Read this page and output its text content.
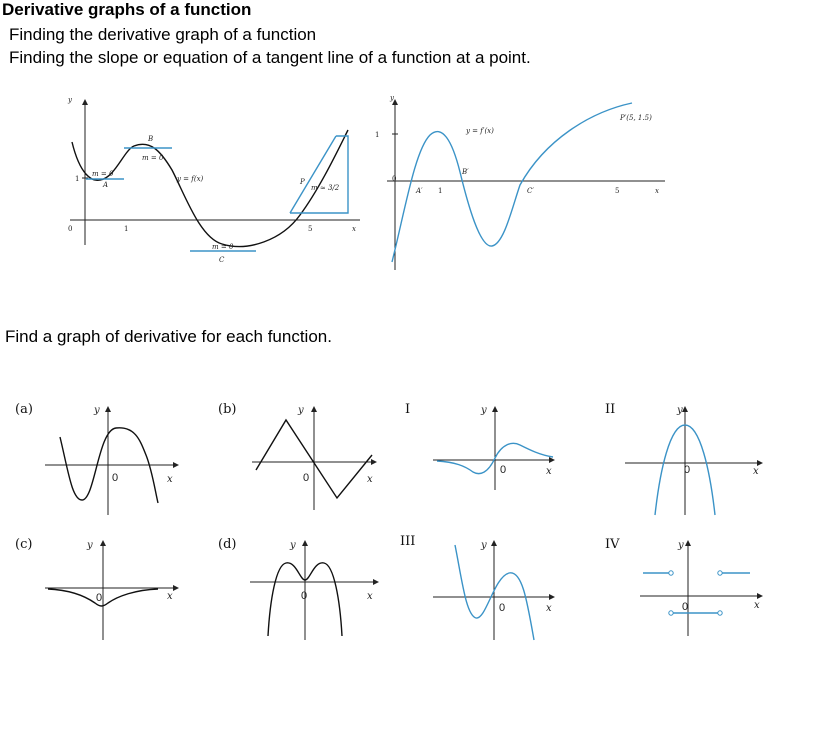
Derivative graphs of a function
Finding the derivative graph of a function
Finding the slope or equation of a tangent line of a function at a point.
Find a graph of derivative for each function.
y
x
0	1	5
1
m = 0
A
B
m = 0
y = f(x)
m = 0
C
P
m ≈ 3/2
y
x
0
1
1	5
y = f′(x)
A′
B′
C′
P′(5, 1.5)
(a)	y
x
0
(b)	y
x
0
I	y
x
0
II	y
x
0
(c)	y
x
0
(d)	y
x
0
III	y
x
0
IV	y
x
0
